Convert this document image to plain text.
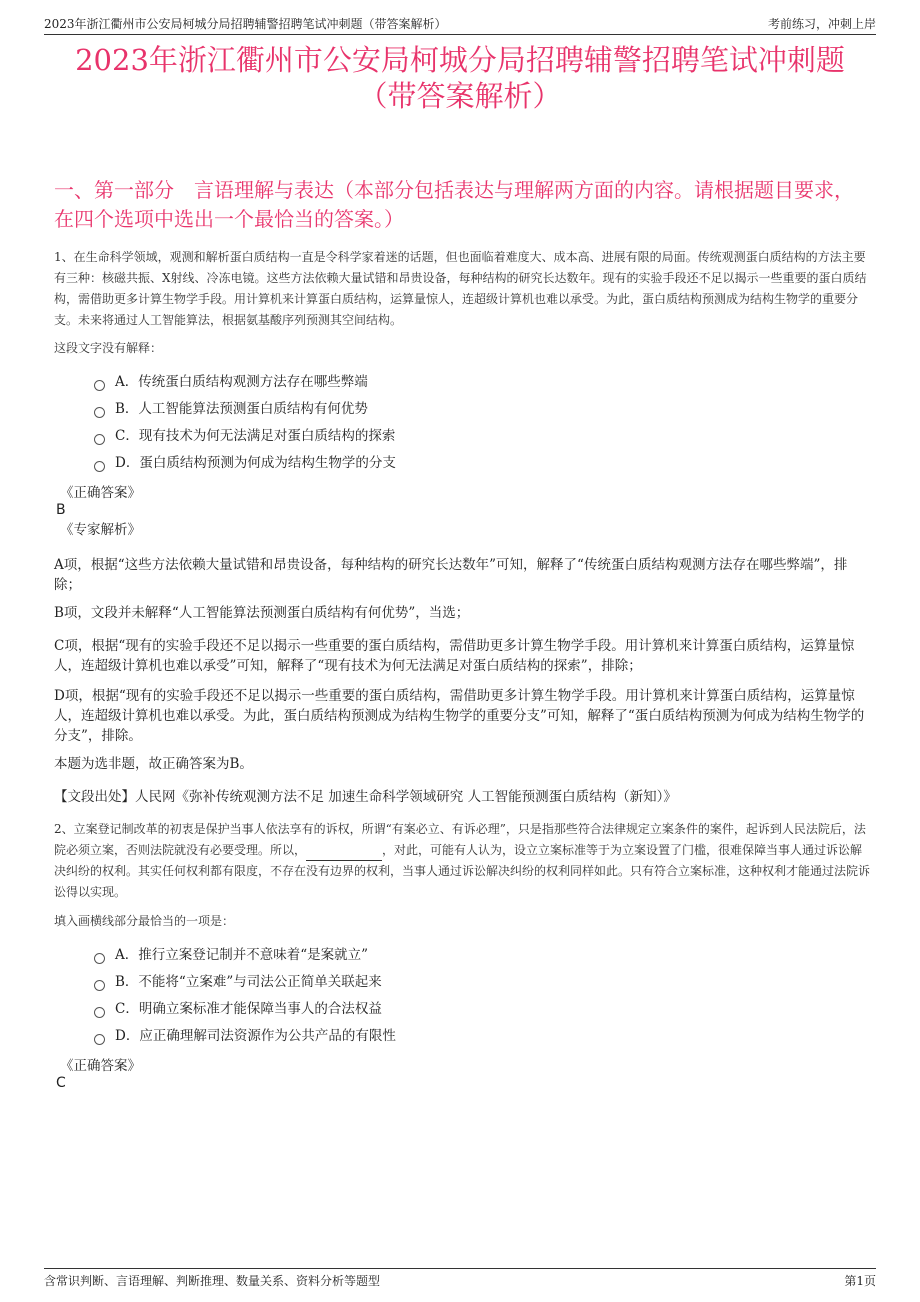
2023年浙江衢州市公安局柯城分局招聘辅警招聘笔试冲刺题（带答案解析）	考前练习，冲刺上岸
2023年浙江衢州市公安局柯城分局招聘辅警招聘笔试冲刺题
（带答案解析）
一、第一部分　言语理解与表达（本部分包括表达与理解两方面的内容。请根据题目要求，在四个选项中选出一个最恰当的答案。）

1、在生命科学领域，观测和解析蛋白质结构一直是令科学家着迷的话题，但也面临着难度大、成本高、进展有限的局面。传统观测蛋白质结构的方法主要有三种：核磁共振、X射线、冷冻电镜。这些方法依赖大量试错和昂贵设备，每种结构的研究长达数年。现有的实验手段还不足以揭示一些重要的蛋白质结构，需借助更多计算生物学手段。用计算机来计算蛋白质结构，运算量惊人，连超级计算机也难以承受。为此，蛋白质结构预测成为结构生物学的重要分支。未来将通过人工智能算法，根据氨基酸序列预测其空间结构。

这段文字没有解释：

A．传统蛋白质结构观测方法存在哪些弊端
B．人工智能算法预测蛋白质结构有何优势
C．现有技术为何无法满足对蛋白质结构的探索
D．蛋白质结构预测为何成为结构生物学的分支
《正确答案》
B
《专家解析》

A项，根据“这些方法依赖大量试错和昂贵设备，每种结构的研究长达数年”可知，解释了“传统蛋白质结构观测方法存在哪些弊端”，排除；

B项，文段并未解释“人工智能算法预测蛋白质结构有何优势”，当选；

C项，根据“现有的实验手段还不足以揭示一些重要的蛋白质结构，需借助更多计算生物学手段。用计算机来计算蛋白质结构，运算量惊人，连超级计算机也难以承受”可知，解释了“现有技术为何无法满足对蛋白质结构的探索”，排除；

D项，根据“现有的实验手段还不足以揭示一些重要的蛋白质结构，需借助更多计算生物学手段。用计算机来计算蛋白质结构，运算量惊人，连超级计算机也难以承受。为此，蛋白质结构预测成为结构生物学的重要分支”可知，解释了“蛋白质结构预测为何成为结构生物学的分支”，排除。

本题为选非题，故正确答案为B。

【文段出处】人民网《弥补传统观测方法不足 加速生命科学领域研究 人工智能预测蛋白质结构（新知）》

2、立案登记制改革的初衷是保护当事人依法享有的诉权，所谓“有案必立、有诉必理”，只是指那些符合法律规定立案条件的案件，起诉到人民法院后，法院必须立案，否则法院就没有必要受理。所以，	，对此，可能有人认为，设立立案标准等于为立案设置了门槛，很难保障当事人通过诉讼解决纠纷的权利。其实任何权利都有限度，不存在没有边界的权利，当事人通过诉讼解决纠纷的权利同样如此。只有符合立案标准，这种权利才能通过法院诉讼得以实现。

填入画横线部分最恰当的一项是：

A．推行立案登记制并不意味着“是案就立”
B．不能将“立案难”与司法公正简单关联起来
C．明确立案标准才能保障当事人的合法权益
D．应正确理解司法资源作为公共产品的有限性
《正确答案》
C
含常识判断、言语理解、判断推理、数量关系、资料分析等题型	第1页
